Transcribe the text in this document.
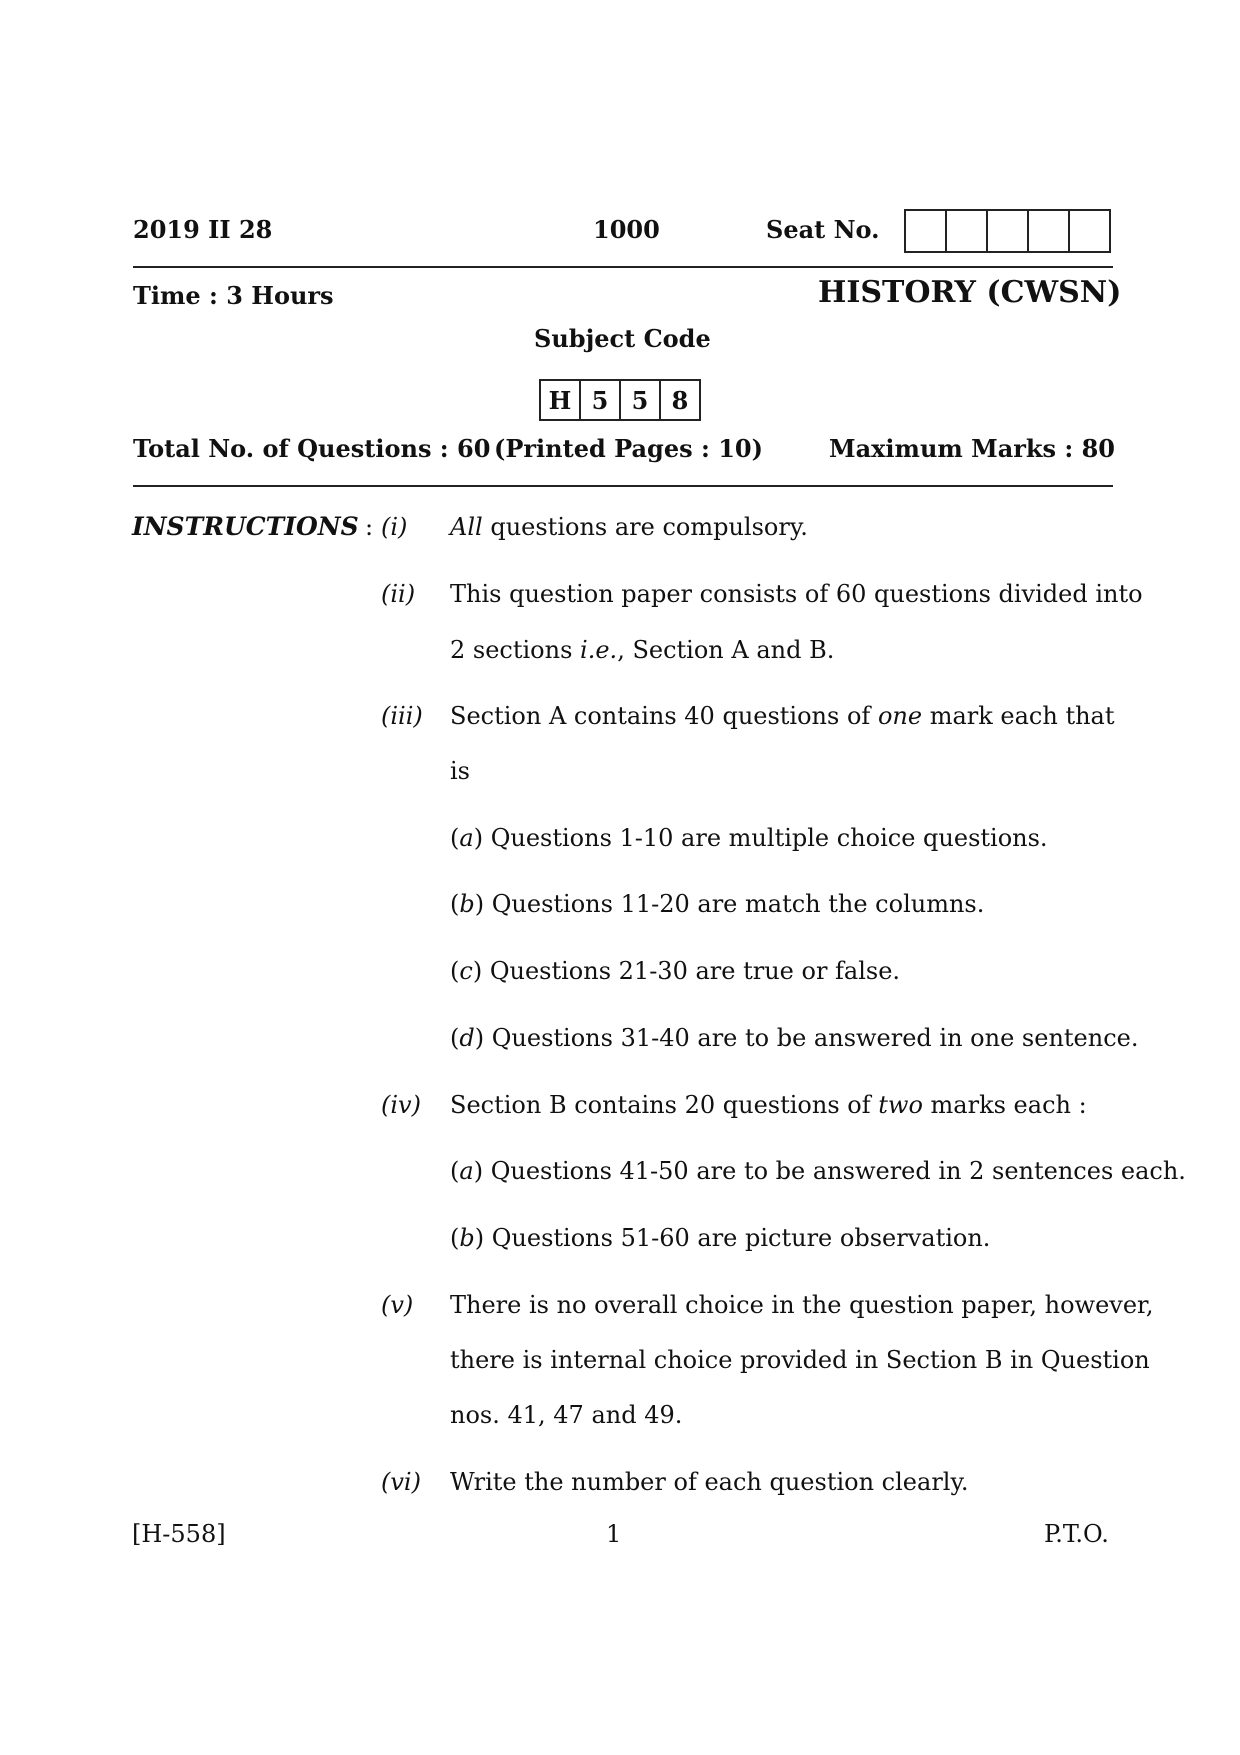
2019 II 28	1000	Seat No.
Time : 3 Hours	HISTORY (CWSN)
Subject Code
H 5 5 8
Total No. of Questions : 60 (Printed Pages : 10)	Maximum Marks : 80
INSTRUCTIONS : (i) All questions are compulsory.
(ii) This question paper consists of 60 questions divided into
2 sections i.e., Section A and B.
(iii) Section A contains 40 questions of one mark each that
is
(a) Questions 1-10 are multiple choice questions.
(b) Questions 11-20 are match the columns.
(c) Questions 21-30 are true or false.
(d) Questions 31-40 are to be answered in one sentence.
(iv) Section B contains 20 questions of two marks each :
(a) Questions 41-50 are to be answered in 2 sentences each.
(b) Questions 51-60 are picture observation.
(v) There is no overall choice in the question paper, however,
there is internal choice provided in Section B in Question
nos. 41, 47 and 49.
(vi) Write the number of each question clearly.
[H-558]	1	P.T.O.
